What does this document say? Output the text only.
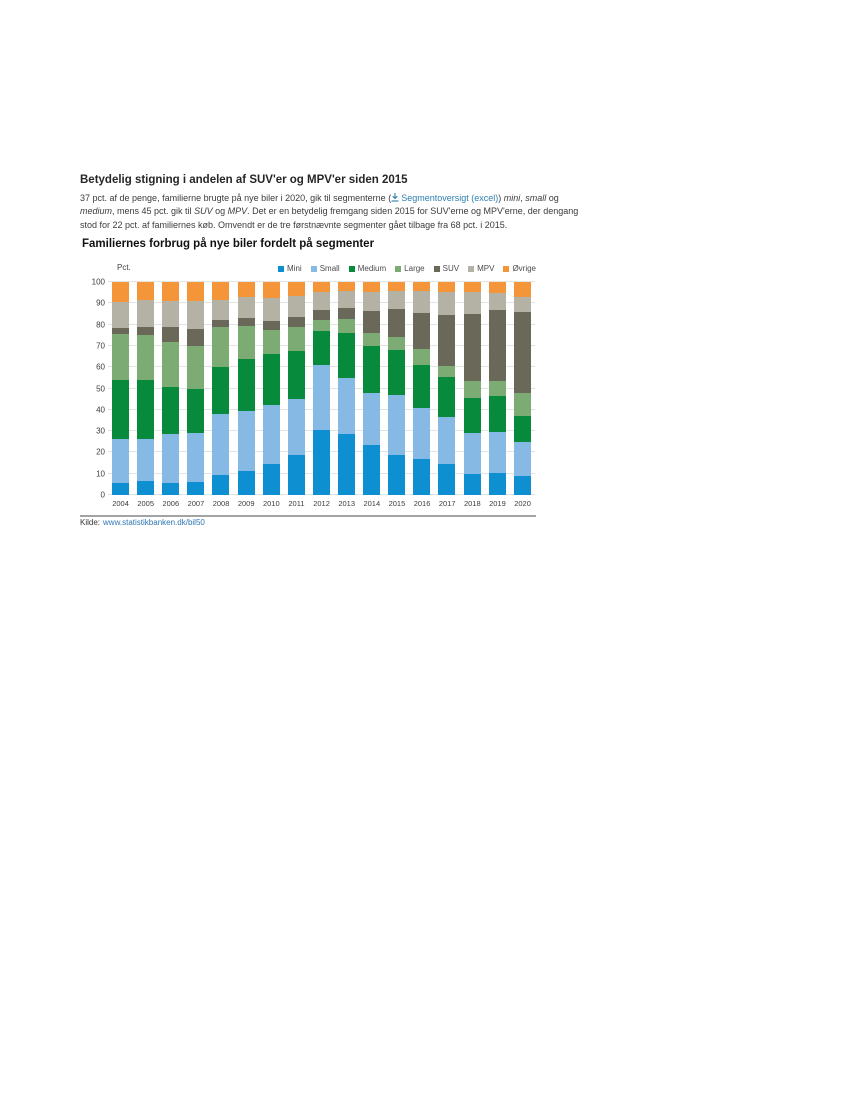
Betydelig stigning i andelen af SUV'er og MPV'er siden 2015

37 pct. af de penge, familierne brugte på nye biler i 2020, gik til segmenterne ( Segmentoversigt (excel)) mini, small og medium, mens 45 pct. gik til SUV og MPV. Det er en betydelig fremgang siden 2015 for SUV'erne og MPV'erne, der dengang stod for 22 pct. af familiernes køb. Omvendt er de tre førstnævnte segmenter gået tilbage fra 68 pct. i 2015.

Familiernes forbrug på nye biler fordelt på segmenter
Pct.	Mini Small Medium Large SUV MPV Øvrige
0
10
20
30
40
50
60
70
80
90
100
2004	2005	2006	2007	2008	2009	2010	2011	2012	2013	2014	2015	2016	2017	2018	2019	2020

Kilde: www.statistikbanken.dk/bil50
